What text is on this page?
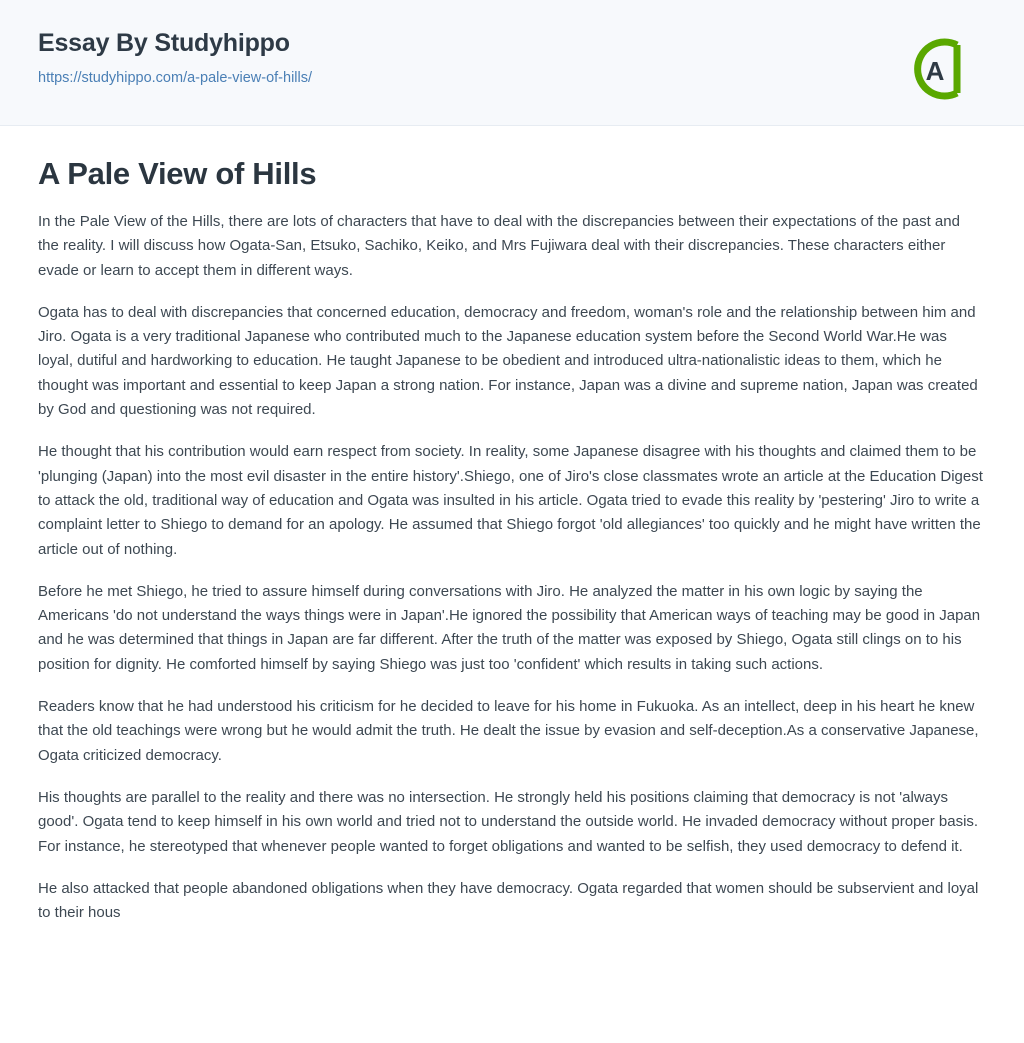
Essay By Studyhippo
https://studyhippo.com/a-pale-view-of-hills/	A
A Pale View of Hills

In the Pale View of the Hills, there are lots of characters that have to deal with the discrepancies between their expectations of the past and the reality. I will discuss how Ogata-San, Etsuko, Sachiko, Keiko, and Mrs Fujiwara deal with their discrepancies. These characters either evade or learn to accept them in different ways.

Ogata has to deal with discrepancies that concerned education, democracy and freedom, woman's role and the relationship between him and Jiro. Ogata is a very traditional Japanese who contributed much to the Japanese education system before the Second World War.He was loyal, dutiful and hardworking to education. He taught Japanese to be obedient and introduced ultra-nationalistic ideas to them, which he thought was important and essential to keep Japan a strong nation. For instance, Japan was a divine and supreme nation, Japan was created by God and questioning was not required.

He thought that his contribution would earn respect from society. In reality, some Japanese disagree with his thoughts and claimed them to be 'plunging (Japan) into the most evil disaster in the entire history'.Shiego, one of Jiro's close classmates wrote an article at the Education Digest to attack the old, traditional way of education and Ogata was insulted in his article. Ogata tried to evade this reality by 'pestering' Jiro to write a complaint letter to Shiego to demand for an apology. He assumed that Shiego forgot 'old allegiances' too quickly and he might have written the article out of nothing.

Before he met Shiego, he tried to assure himself during conversations with Jiro. He analyzed the matter in his own logic by saying the Americans 'do not understand the ways things were in Japan'.He ignored the possibility that American ways of teaching may be good in Japan and he was determined that things in Japan are far different. After the truth of the matter was exposed by Shiego, Ogata still clings on to his position for dignity. He comforted himself by saying Shiego was just too 'confident' which results in taking such actions.

Readers know that he had understood his criticism for he decided to leave for his home in Fukuoka. As an intellect, deep in his heart he knew that the old teachings were wrong but he would admit the truth. He dealt the issue by evasion and self-deception.As a conservative Japanese, Ogata criticized democracy.

His thoughts are parallel to the reality and there was no intersection. He strongly held his positions claiming that democracy is not 'always good'. Ogata tend to keep himself in his own world and tried not to understand the outside world. He invaded democracy without proper basis. For instance, he stereotyped that whenever people wanted to forget obligations and wanted to be selfish, they used democracy to defend it.

He also attacked that people abandoned obligations when they have democracy. Ogata regarded that women should be subservient and loyal to their hous
